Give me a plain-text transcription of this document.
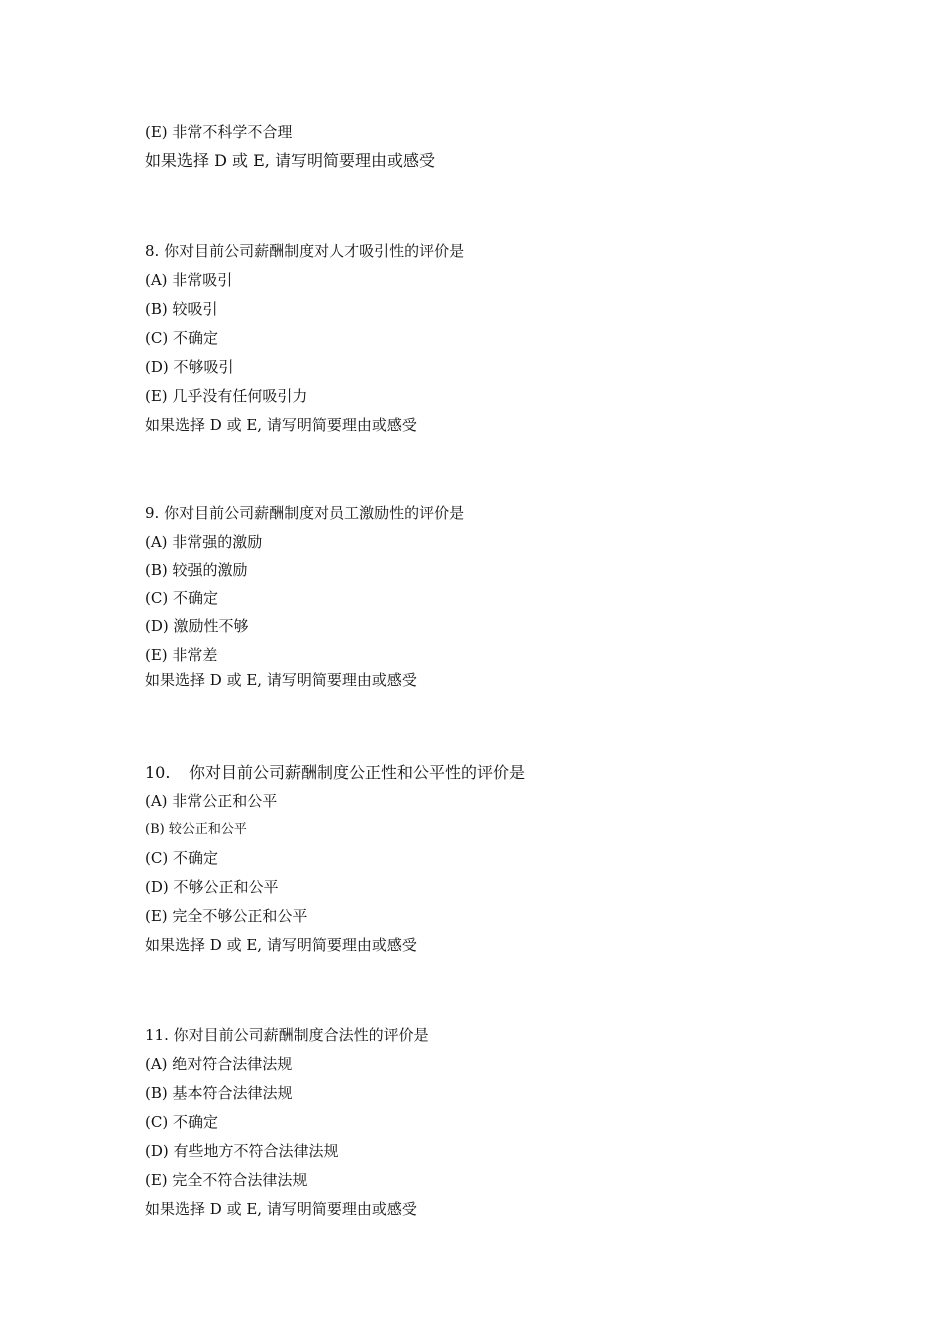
(E) 非常不科学不合理
如果选择 D 或 E, 请写明简要理由或感受
8. 你对目前公司薪酬制度对人才吸引性的评价是
(A) 非常吸引
(B) 较吸引
(C) 不确定
(D) 不够吸引
(E) 几乎没有任何吸引力
如果选择 D 或 E, 请写明简要理由或感受
9. 你对目前公司薪酬制度对员工激励性的评价是
(A) 非常强的激励
(B) 较强的激励
(C) 不确定
(D) 激励性不够
(E) 非常差
如果选择 D 或 E, 请写明简要理由或感受
10. 你对目前公司薪酬制度公正性和公平性的评价是
(A) 非常公正和公平
(B) 较公正和公平
(C) 不确定
(D) 不够公正和公平
(E) 完全不够公正和公平
如果选择 D 或 E, 请写明简要理由或感受
11. 你对目前公司薪酬制度合法性的评价是
(A) 绝对符合法律法规
(B) 基本符合法律法规
(C) 不确定
(D) 有些地方不符合法律法规
(E) 完全不符合法律法规
如果选择 D 或 E, 请写明简要理由或感受
